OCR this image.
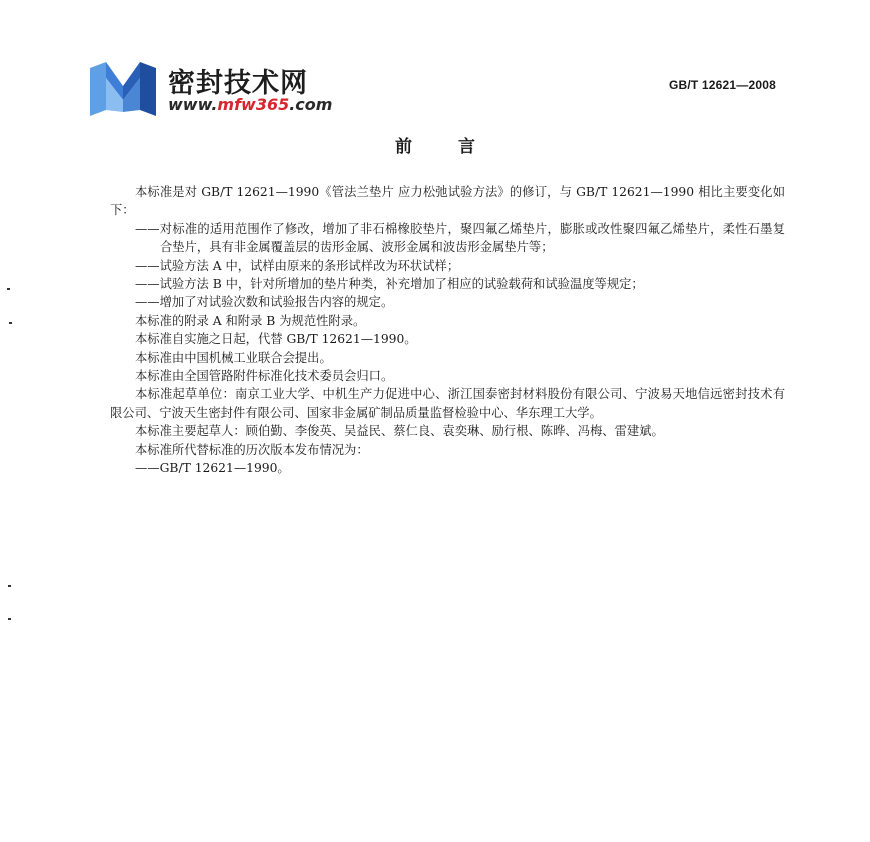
密封技术网
www.mfw365.com
GB/T 12621—2008
前言

本标准是对 GB/T 12621—1990《管法兰垫片 应力松弛试验方法》的修订，与 GB/T 12621—1990 相比主要变化如下：

——对标准的适用范围作了修改，增加了非石棉橡胶垫片，聚四氟乙烯垫片，膨胀或改性聚四氟乙烯垫片，柔性石墨复合垫片，具有非金属覆盖层的齿形金属、波形金属和波齿形金属垫片等；

——试验方法 A 中，试样由原来的条形试样改为环状试样；

——试验方法 B 中，针对所增加的垫片种类，补充增加了相应的试验载荷和试验温度等规定；

——增加了对试验次数和试验报告内容的规定。

本标准的附录 A 和附录 B 为规范性附录。

本标准自实施之日起，代替 GB/T 12621—1990。

本标准由中国机械工业联合会提出。

本标准由全国管路附件标准化技术委员会归口。

本标准起草单位：南京工业大学、中机生产力促进中心、浙江国泰密封材料股份有限公司、宁波易天地信远密封技术有限公司、宁波天生密封件有限公司、国家非金属矿制品质量监督检验中心、华东理工大学。

本标准主要起草人：顾伯勤、李俊英、吴益民、蔡仁良、袁奕琳、励行根、陈晔、冯梅、雷建斌。

本标准所代替标准的历次版本发布情况为：

——GB/T 12621—1990。
